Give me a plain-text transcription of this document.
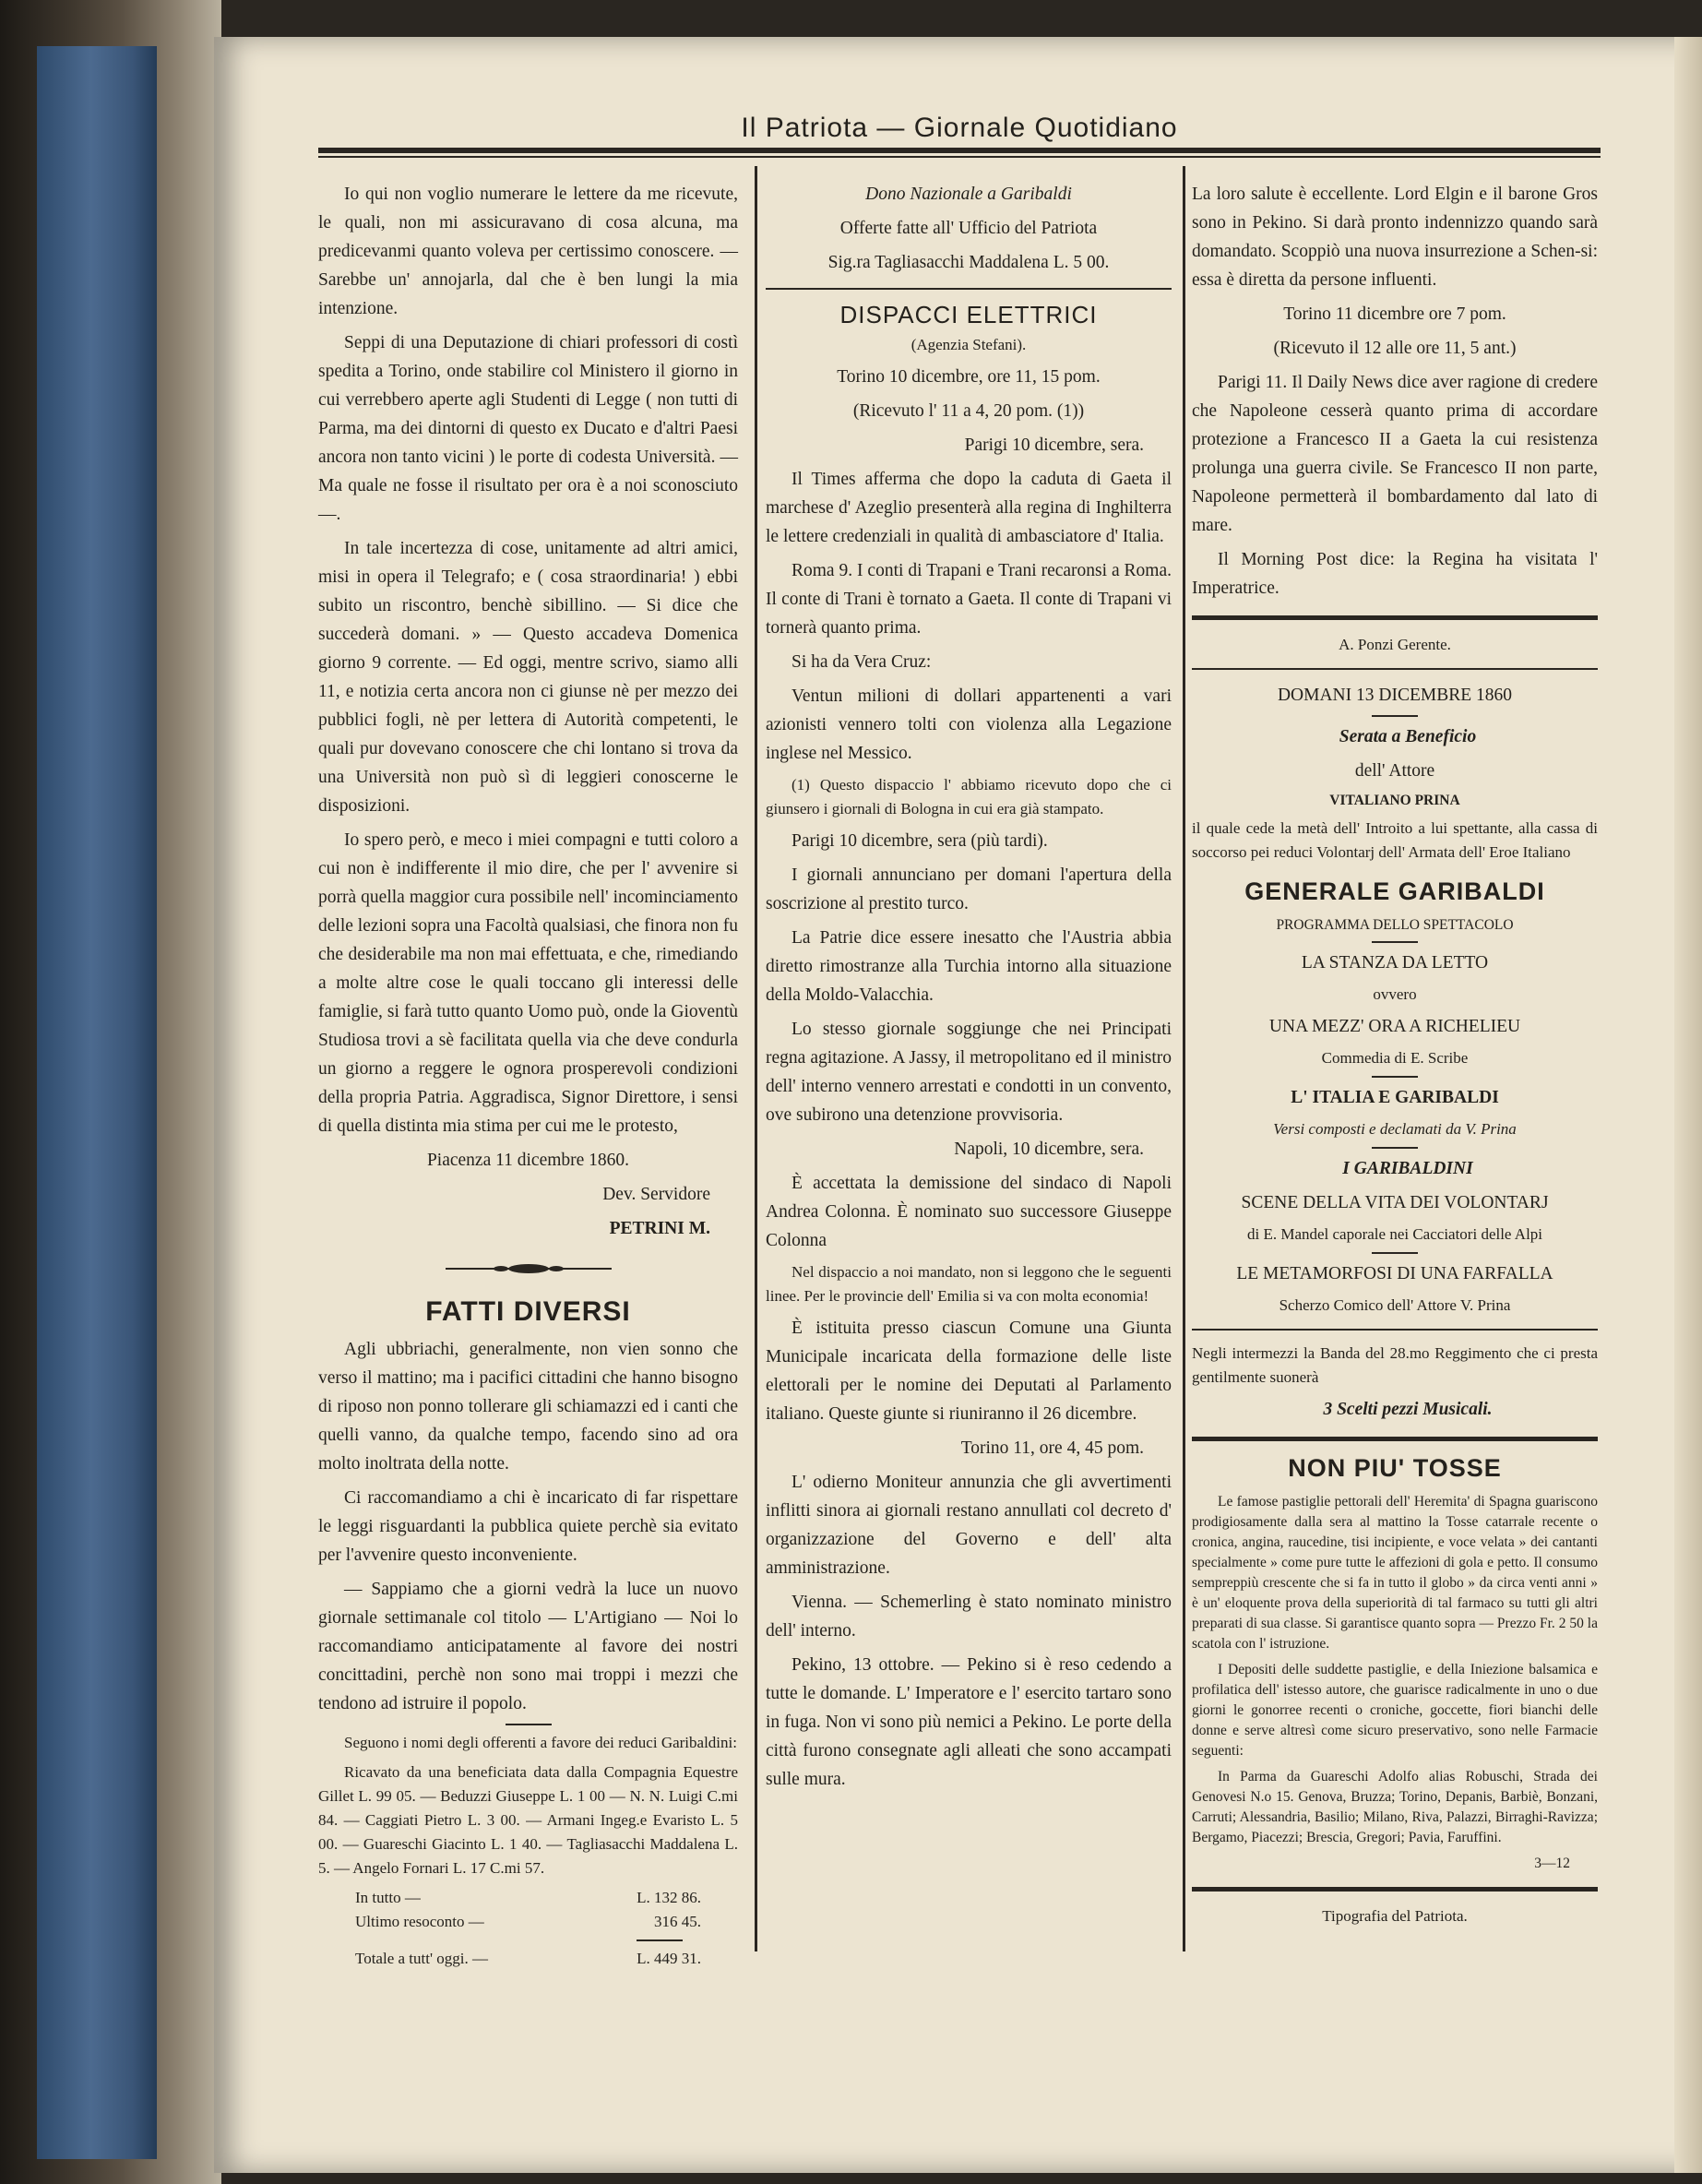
Il Patriota — Giornale Quotidiano

Io qui non voglio numerare le lettere da me ricevute, le quali, non mi assicuravano di cosa alcuna, ma predicevanmi quanto voleva per certissimo conoscere. — Sarebbe un' annojarla, dal che è ben lungi la mia intenzione.

Seppi di una Deputazione di chiari professori di costì spedita a Torino, onde stabilire col Ministero il giorno in cui verrebbero aperte agli Studenti di Legge ( non tutti di Parma, ma dei dintorni di questo ex Ducato e d'altri Paesi ancora non tanto vicini ) le porte di codesta Università. — Ma quale ne fosse il risultato per ora è a noi sconosciuto —.

In tale incertezza di cose, unitamente ad altri amici, misi in opera il Telegrafo; e ( cosa straordinaria! ) ebbi subito un riscontro, benchè sibillino. — Si dice che succederà domani. » — Questo accadeva Domenica giorno 9 corrente. — Ed oggi, mentre scrivo, siamo alli 11, e notizia certa ancora non ci giunse nè per mezzo dei pubblici fogli, nè per lettera di Autorità competenti, le quali pur dovevano conoscere che chi lontano si trova da una Università non può sì di leggieri conoscerne le disposizioni.

Io spero però, e meco i miei compagni e tutti coloro a cui non è indifferente il mio dire, che per l' avvenire si porrà quella maggior cura possibile nell' incominciamento delle lezioni sopra una Facoltà qualsiasi, che finora non fu che desiderabile ma non mai effettuata, e che, rimediando a molte altre cose le quali toccano gli interessi delle famiglie, si farà tutto quanto Uomo può, onde la Gioventù Studiosa trovi a sè facilitata quella via che deve condurla un giorno a reggere le ognora prosperevoli condizioni della propria Patria. Aggradisca, Signor Direttore, i sensi di quella distinta mia stima per cui me le protesto,

Piacenza 11 dicembre 1860.

Dev. Servidore

PETRINI M.

FATTI DIVERSI

Agli ubbriachi, generalmente, non vien sonno che verso il mattino; ma i pacifici cittadini che hanno bisogno di riposo non ponno tollerare gli schiamazzi ed i canti che quelli vanno, da qualche tempo, facendo sino ad ora molto inoltrata della notte.

Ci raccomandiamo a chi è incaricato di far rispettare le leggi risguardanti la pubblica quiete perchè sia evitato per l'avvenire questo inconveniente.

— Sappiamo che a giorni vedrà la luce un nuovo giornale settimanale col titolo — L'Artigiano — Noi lo raccomandiamo anticipatamente al favore dei nostri concittadini, perchè non sono mai troppi i mezzi che tendono ad istruire il popolo.

Seguono i nomi degli offerenti a favore dei reduci Garibaldini:

Ricavato da una beneficiata data dalla Compagnia Equestre Gillet L. 99 05. — Beduzzi Giuseppe L. 1 00 — N. N. Luigi C.mi 84. — Caggiati Pietro L. 3 00. — Armani Ingeg.e Evaristo L. 5 00. — Guareschi Giacinto L. 1 40. — Tagliasacchi Maddalena L. 5. — Angelo Fornari L. 17 C.mi 57.

In tutto —	L. 132 86.
Ultimo resoconto —	316 45.
Totale a tutt' oggi. —	L. 449 31.

Dono Nazionale a Garibaldi

Offerte fatte all' Ufficio del Patriota

Sig.ra Tagliasacchi Maddalena L. 5 00.

DISPACCI ELETTRICI

(Agenzia Stefani).

Torino 10 dicembre, ore 11, 15 pom.

(Ricevuto l' 11 a 4, 20 pom. (1))

Parigi 10 dicembre, sera.

Il Times afferma che dopo la caduta di Gaeta il marchese d' Azeglio presenterà alla regina di Inghilterra le lettere credenziali in qualità di ambasciatore d' Italia.

Roma 9. I conti di Trapani e Trani recaronsi a Roma. Il conte di Trani è tornato a Gaeta. Il conte di Trapani vi tornerà quanto prima.

Si ha da Vera Cruz:

Ventun milioni di dollari appartenenti a vari azionisti vennero tolti con violenza alla Legazione inglese nel Messico.

(1) Questo dispaccio l' abbiamo ricevuto dopo che ci giunsero i giornali di Bologna in cui era già stampato.

Parigi 10 dicembre, sera (più tardi).

I giornali annunciano per domani l'apertura della soscrizione al prestito turco.

La Patrie dice essere inesatto che l'Austria abbia diretto rimostranze alla Turchia intorno alla situazione della Moldo-Valacchia.

Lo stesso giornale soggiunge che nei Principati regna agitazione. A Jassy, il metropolitano ed il ministro dell' interno vennero arrestati e condotti in un convento, ove subirono una detenzione provvisoria.

Napoli, 10 dicembre, sera.

È accettata la demissione del sindaco di Napoli Andrea Colonna. È nominato suo successore Giuseppe Colonna

Nel dispaccio a noi mandato, non si leggono che le seguenti linee. Per le provincie dell' Emilia si va con molta economia!

È istituita presso ciascun Comune una Giunta Municipale incaricata della formazione delle liste elettorali per le nomine dei Deputati al Parlamento italiano. Queste giunte si riuniranno il 26 dicembre.

Torino 11, ore 4, 45 pom.

L' odierno Moniteur annunzia che gli avvertimenti inflitti sinora ai giornali restano annullati col decreto d' organizzazione del Governo e dell' alta amministrazione.

Vienna. — Schemerling è stato nominato ministro dell' interno.

Pekino, 13 ottobre. — Pekino si è reso cedendo a tutte le domande. L' Imperatore e l' esercito tartaro sono in fuga. Non vi sono più nemici a Pekino. Le porte della città furono consegnate agli alleati che sono accampati sulle mura.

La loro salute è eccellente. Lord Elgin e il barone Gros sono in Pekino. Si darà pronto indennizzo quando sarà domandato. Scoppiò una nuova insurrezione a Schen-si: essa è diretta da persone influenti.

Torino 11 dicembre ore 7 pom.

(Ricevuto il 12 alle ore 11, 5 ant.)

Parigi 11. Il Daily News dice aver ragione di credere che Napoleone cesserà quanto prima di accordare protezione a Francesco II a Gaeta la cui resistenza prolunga una guerra civile. Se Francesco II non parte, Napoleone permetterà il bombardamento dal lato di mare.

Il Morning Post dice: la Regina ha visitata l' Imperatrice.

A. Ponzi Gerente.

DOMANI 13 DICEMBRE 1860

Serata a Beneficio

dell' Attore

VITALIANO PRINA

il quale cede la metà dell' Introito a lui spettante, alla cassa di soccorso pei reduci Volontarj dell' Armata dell' Eroe Italiano

GENERALE GARIBALDI

PROGRAMMA DELLO SPETTACOLO

LA STANZA DA LETTO

ovvero

UNA MEZZ' ORA A RICHELIEU

Commedia di E. Scribe

L' ITALIA E GARIBALDI

Versi composti e declamati da V. Prina

I GARIBALDINI

SCENE DELLA VITA DEI VOLONTARJ

di E. Mandel caporale nei Cacciatori delle Alpi

LE METAMORFOSI DI UNA FARFALLA

Scherzo Comico dell' Attore V. Prina

Negli intermezzi la Banda del 28.mo Reggimento che ci presta gentilmente suonerà

3 Scelti pezzi Musicali.

NON PIU' TOSSE

Le famose pastiglie pettorali dell' Heremita' di Spagna guariscono prodigiosamente dalla sera al mattino la Tosse catarrale recente o cronica, angina, raucedine, tisi incipiente, e voce velata » dei cantanti specialmente » come pure tutte le affezioni di gola e petto. Il consumo sempreppiù crescente che si fa in tutto il globo » da circa venti anni » è un' eloquente prova della superiorità di tal farmaco su tutti gli altri preparati di sua classe. Si garantisce quanto sopra — Prezzo Fr. 2 50 la scatola con l' istruzione.

I Depositi delle suddette pastiglie, e della Iniezione balsamica e profilatica dell' istesso autore, che guarisce radicalmente in uno o due giorni le gonorree recenti o croniche, goccette, fiori bianchi delle donne e serve altresì come sicuro preservativo, sono nelle Farmacie seguenti:

In Parma da Guareschi Adolfo alias Robuschi, Strada dei Genovesi N.o 15. Genova, Bruzza; Torino, Depanis, Barbiè, Bonzani, Carruti; Alessandria, Basilio; Milano, Riva, Palazzi, Birraghi-Ravizza; Bergamo, Piacezzi; Brescia, Gregori; Pavia, Faruffini.

3—12

Tipografia del Patriota.
